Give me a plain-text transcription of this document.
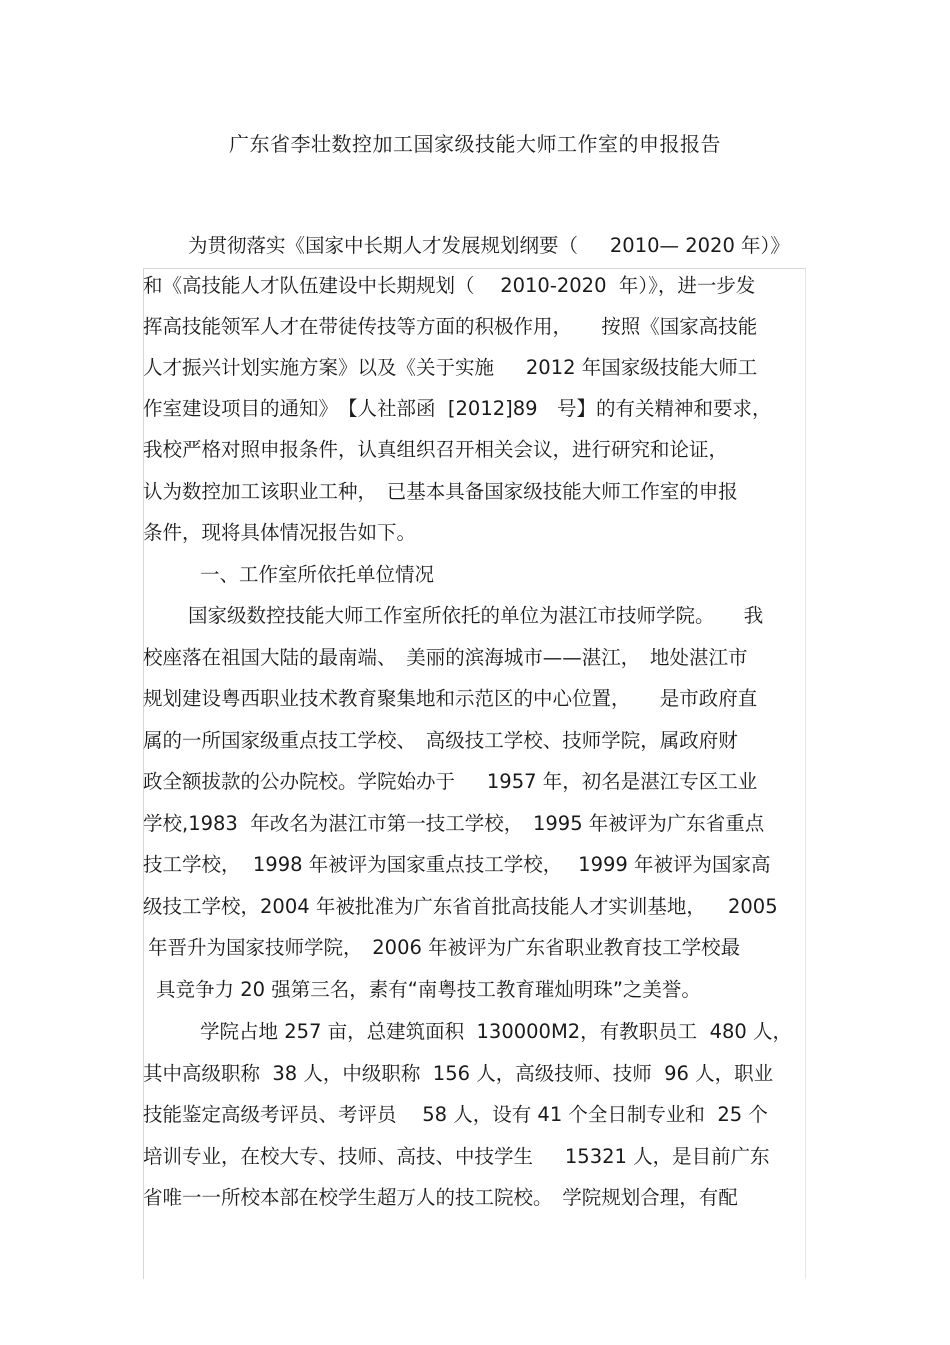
广东省李壮数控加工国家级技能大师工作室的申报报告
为贯彻落实《国家中长期人才发展规划纲要（　  2010— 2020 年）》
和《高技能人才队伍建设中长期规划（　 2010-2020  年）》，进一步发
挥高技能领军人才在带徒传技等方面的积极作用，　　按照《国家高技能
人才振兴计划实施方案》以及《关于实施　  2012 年国家级技能大师工
作室建设项目的通知》　【人社部函  [2012]89　号】的有关精神和要求，
我校严格对照申报条件，认真组织召开相关会议，进行研究和论证，
认为数控加工该职业工种，　已基本具备国家级技能大师工作室的申报
条件，现将具体情况报告如下。
一、工作室所依托单位情况
国家级数控技能大师工作室所依托的单位为湛江市技师学院。　　我
校座落在祖国大陆的最南端、　美丽的滨海城市——湛江，　地处湛江市
规划建设粤西职业技术教育聚集地和示范区的中心位置，　　是市政府直
属的一所国家级重点技工学校、　高级技工学校、技师学院，属政府财
政全额拔款的公办院校。学院始办于　  1957 年，初名是湛江专区工业
学校,1983  年改名为湛江市第一技工学校，　1995 年被评为广东省重点
技工学校，  1998 年被评为国家重点技工学校，　 1999 年被评为国家高
级技工学校，2004 年被批准为广东省首批高技能人才实训基地，　  2005
年晋升为国家技师学院，　2006 年被评为广东省职业教育技工学校最
具竞争力 20 强第三名，素有“南粤技工教育璀灿明珠”之美誉。
学院占地 257 亩，总建筑面积  130000M2，有教职员工  480 人，
其中高级职称  38 人，中级职称  156 人，高级技师、技师  96 人，职业
技能鉴定高级考评员、考评员　 58 人，设有 41 个全日制专业和  25 个
培训专业，在校大专、技师、高技、中技学生　  15321 人，是目前广东
省唯一一所校本部在校学生超万人的技工院校。　学院规划合理，有配
